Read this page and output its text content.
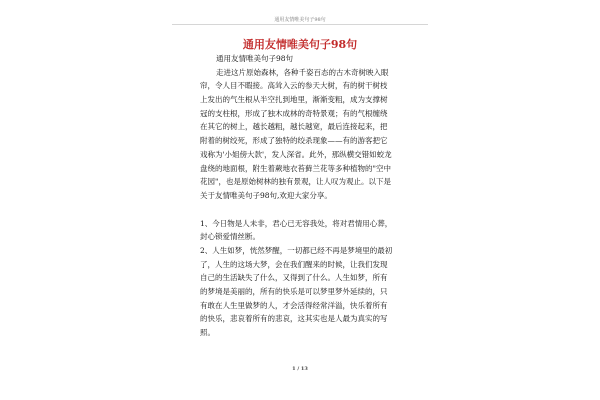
通用友情唯美句子98句
通用友情唯美句子98句
通用友情唯美句子98句
走进这片原始森林，各种千姿百态的古木奇树映入眼
帘，令人目不暇接。高耸入云的参天大树，有的树干树枝
上发出的气生根从半空扎到地里，渐渐变粗，成为支撑树
冠的支柱根，形成了独木成林的奇特景观；有的气根缠绕
在其它的树上，越长越粗，越长越宽，最后连接起来，把
附着的树绞死，形成了独特的绞杀现象——有的游客把它
戏称为'小姐傍大款'，发人深省。此外，那纵横交错如蛟龙
盘绕的地面根，附生着蕨地衣苔藓兰花等多种植物的"空中
花园"，也是原始树林的独有景观，让人叹为观止。以下是
关于友情唯美句子98句,欢迎大家分享。
1、今日物是人未非，君心已无容我处，将对君情用心葬，
封心锁爱情丝断。
2、人生如梦，恍然梦醒，一切都已经不再是梦境里的最初
了，人生的这场大梦，会在我们醒来的时候，让我们发现
自己的生活缺失了什么，又得到了什么。人生如梦，所有
的梦境是美丽的，所有的快乐是可以梦里梦外延续的，只
有敢在人生里做梦的人，才会活得经常洋溢，快乐着所有
的快乐，悲哀着所有的悲哀，这其实也是人最为真实的写
照。
1 / 13
